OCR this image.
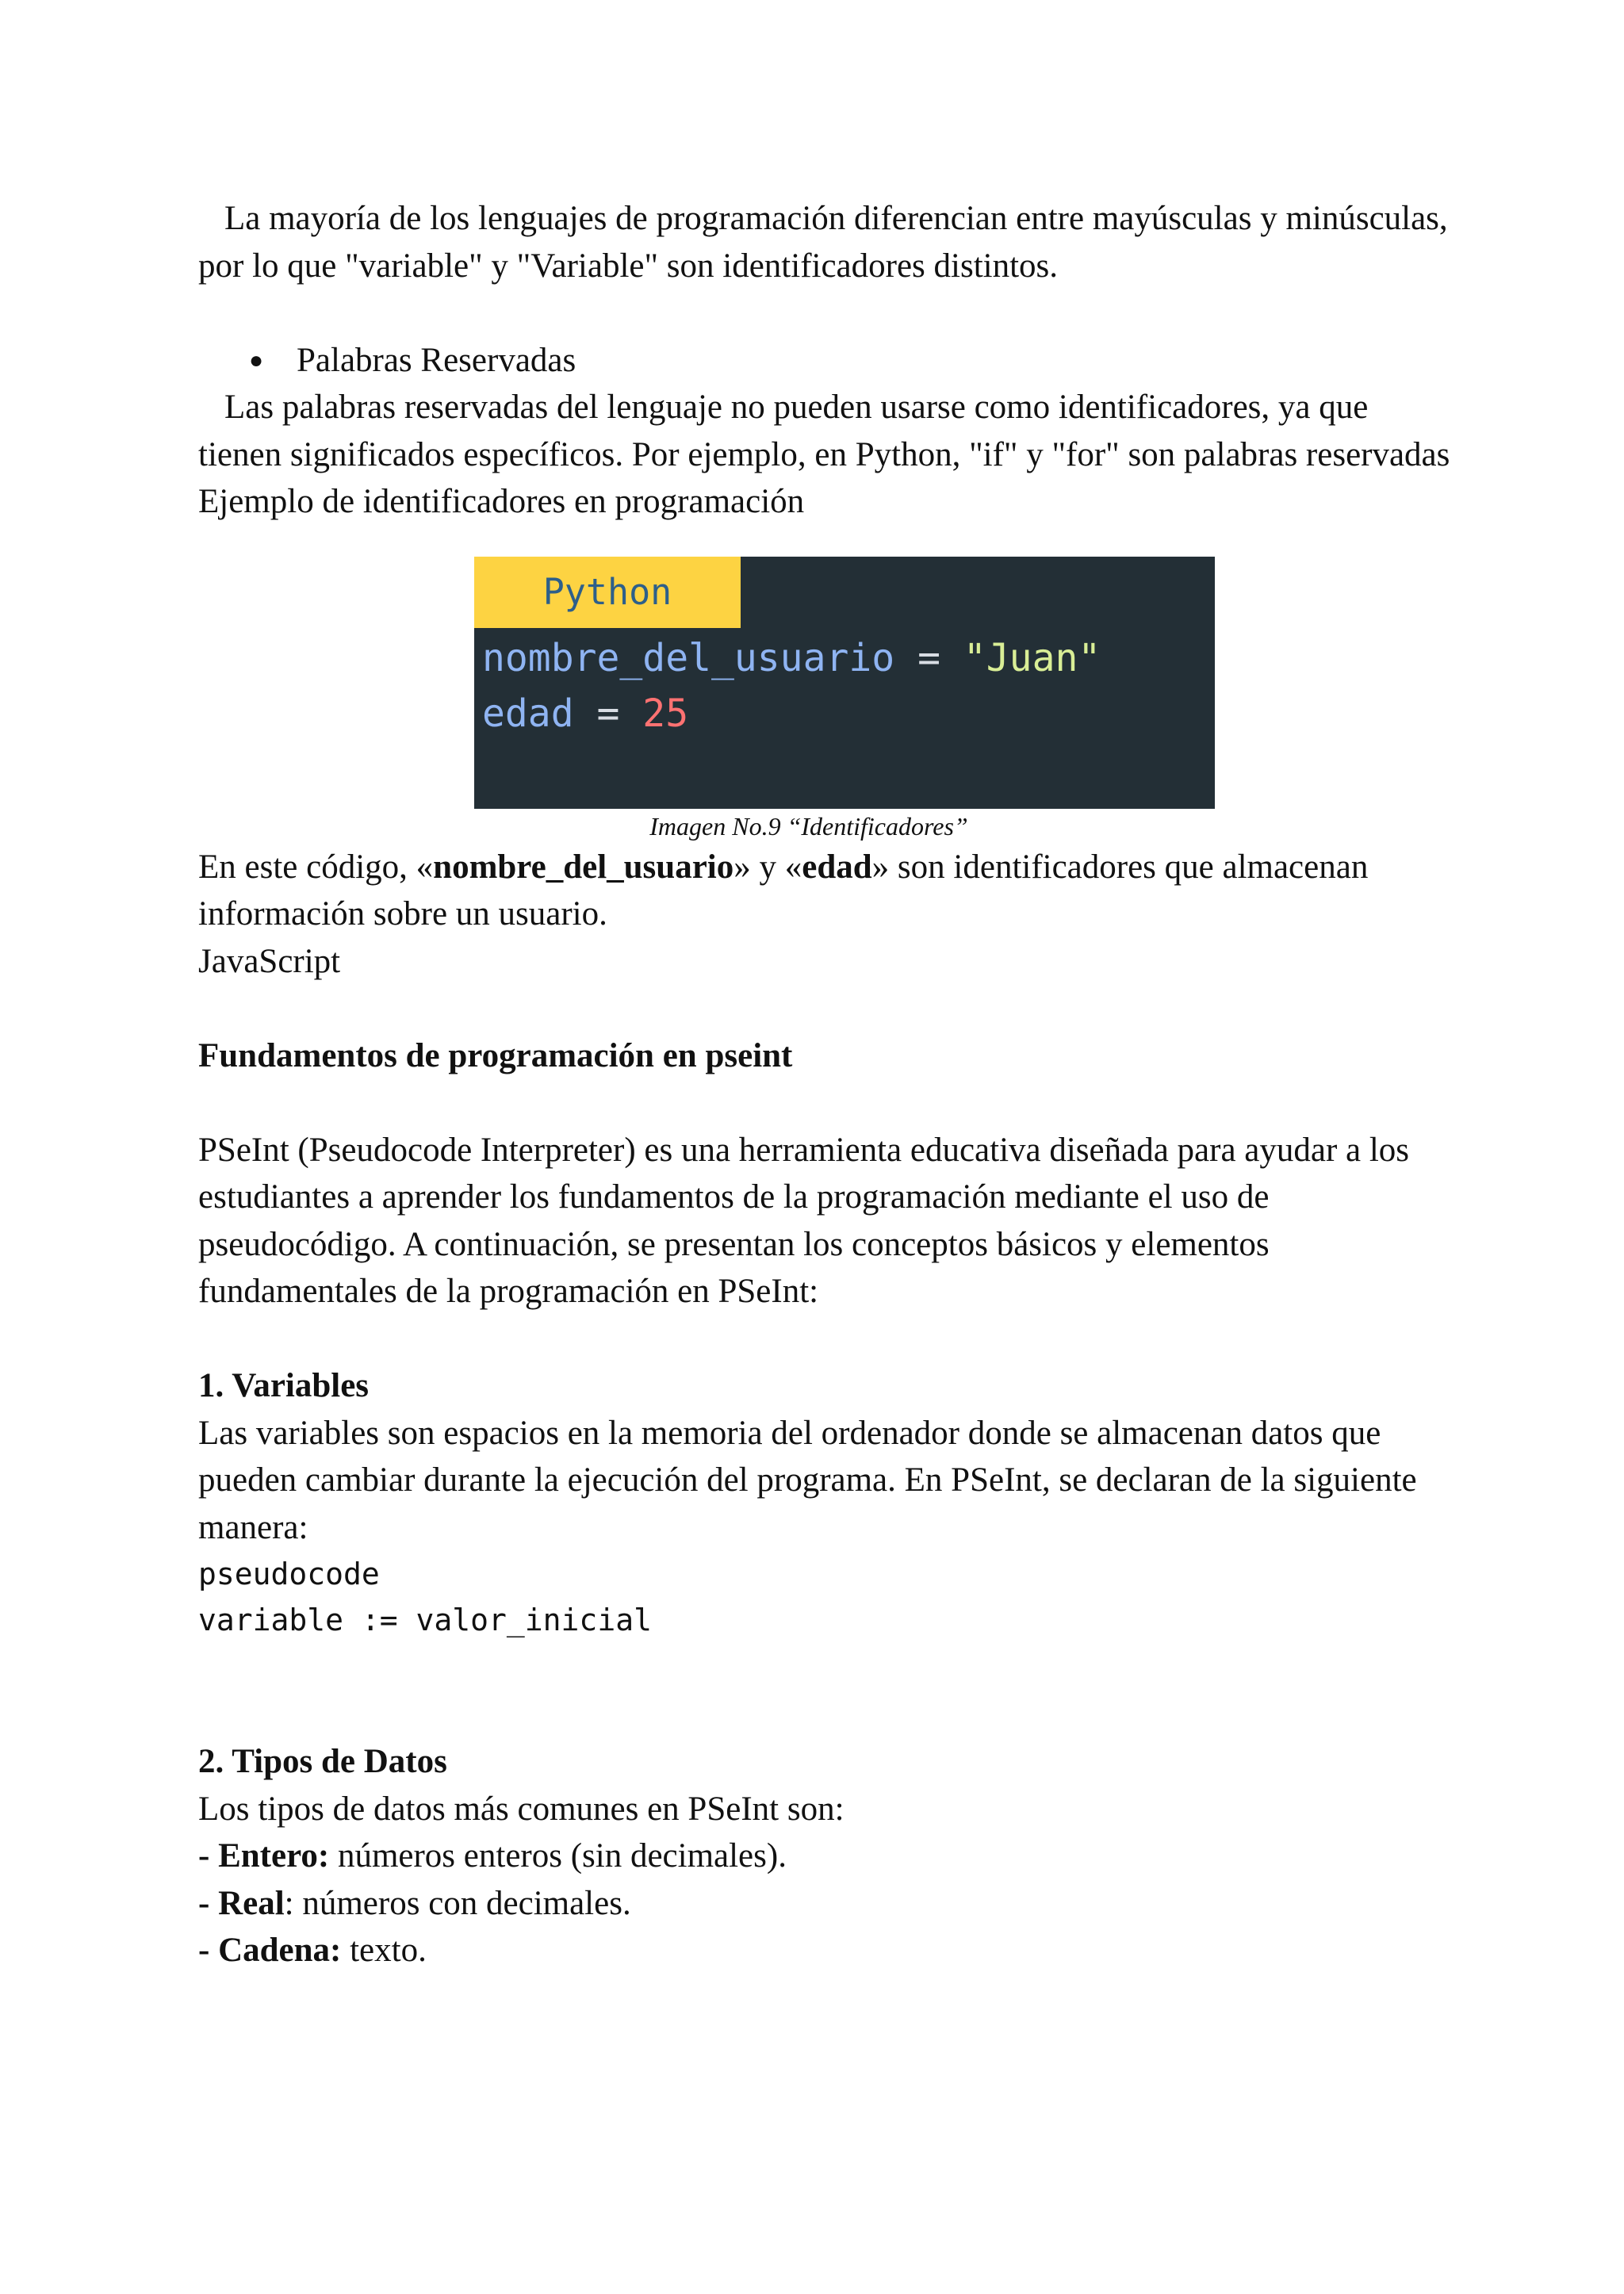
La mayoría de los lenguajes de programación diferencian entre mayúsculas y minúsculas, por lo que "variable" y "Variable" son identificadores distintos.

● Palabras Reservadas

Las palabras reservadas del lenguaje no pueden usarse como identificadores, ya que tienen significados específicos. Por ejemplo, en Python, "if" y "for" son palabras reservadas

Ejemplo de identificadores en programación

Python
nombre_del_usuario = "Juan"
edad = 25

Imagen No.9 “Identificadores”

En este código, «nombre_del_usuario» y «edad» son identificadores que almacenan información sobre un usuario.

JavaScript

Fundamentos de programación en pseint

PSeInt (Pseudocode Interpreter) es una herramienta educativa diseñada para ayudar a los estudiantes a aprender los fundamentos de la programación mediante el uso de pseudocódigo. A continuación, se presentan los conceptos básicos y elementos fundamentales de la programación en PSeInt:

1. Variables

Las variables son espacios en la memoria del ordenador donde se almacenan datos que pueden cambiar durante la ejecución del programa. En PSeInt, se declaran de la siguiente manera:

pseudocode

variable := valor_inicial

2. Tipos de Datos

Los tipos de datos más comunes en PSeInt son:

- Entero: números enteros (sin decimales).

- Real: números con decimales.

- Cadena: texto.
